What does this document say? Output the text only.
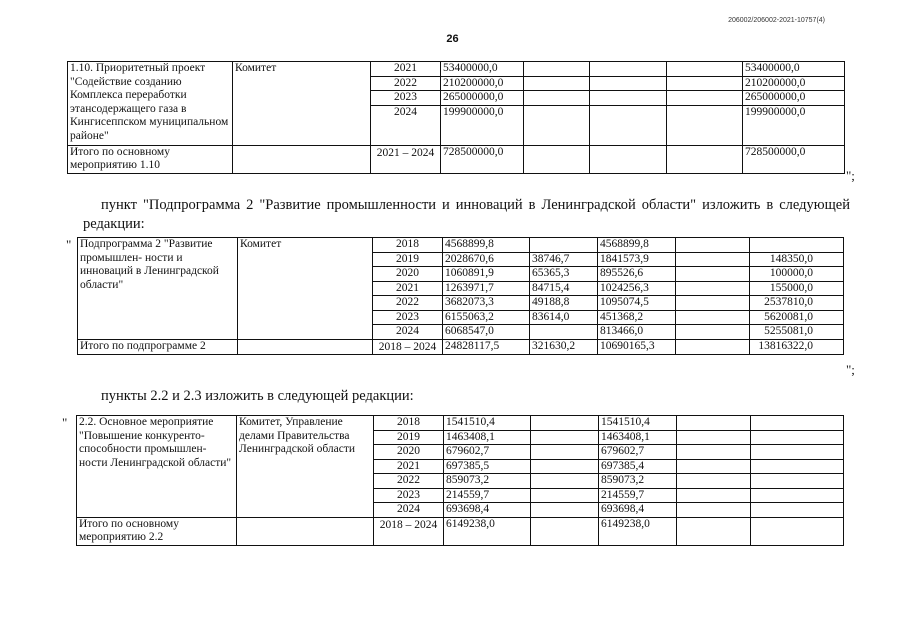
206002/206002-2021-10757(4)
26
1.10. Приоритетный проект "Содействие созданию Комплекса переработки этансодержащего газа в Кингисеппском муниципальном районе"	Комитет	2021	53400000,0				53400000,0
		2022	210200000,0				210200000,0
		2023	265000000,0				265000000,0
		2024	199900000,0				199900000,0
Итого по основному мероприятию 1.10		2021 – 2024	728500000,0				728500000,0
";
пункт "Подпрограмма 2 "Развитие промышленности и инноваций в Ленинградской области" изложить в следующей редакции:
" Подпрограмма 2 "Развитие промышлен- ности и инноваций в Ленинградской области"	Комитет	2018	4568899,8		4568899,8		
		2019	2028670,6	38746,7	1841573,9		148350,0
		2020	1060891,9	65365,3	895526,6		100000,0
		2021	1263971,7	84715,4	1024256,3		155000,0
		2022	3682073,3	49188,8	1095074,5		2537810,0
		2023	6155063,2	83614,0	451368,2		5620081,0
		2024	6068547,0		813466,0		5255081,0
Итого по подпрограмме 2		2018 – 2024	24828117,5	321630,2	10690165,3		13816322,0
";
пункты 2.2 и 2.3 изложить в следующей редакции:
" 2.2. Основное мероприятие "Повышение конкуренто- способности промышлен- ности Ленинградской области"	Комитет, Управление делами Правительства Ленинградской области	2018	1541510,4		1541510,4		
		2019	1463408,1		1463408,1		
		2020	679602,7		679602,7		
		2021	697385,5		697385,4		
		2022	859073,2		859073,2		
		2023	214559,7		214559,7		
		2024	693698,4		693698,4		
Итого по основному мероприятию 2.2		2018 – 2024	6149238,0		6149238,0		
